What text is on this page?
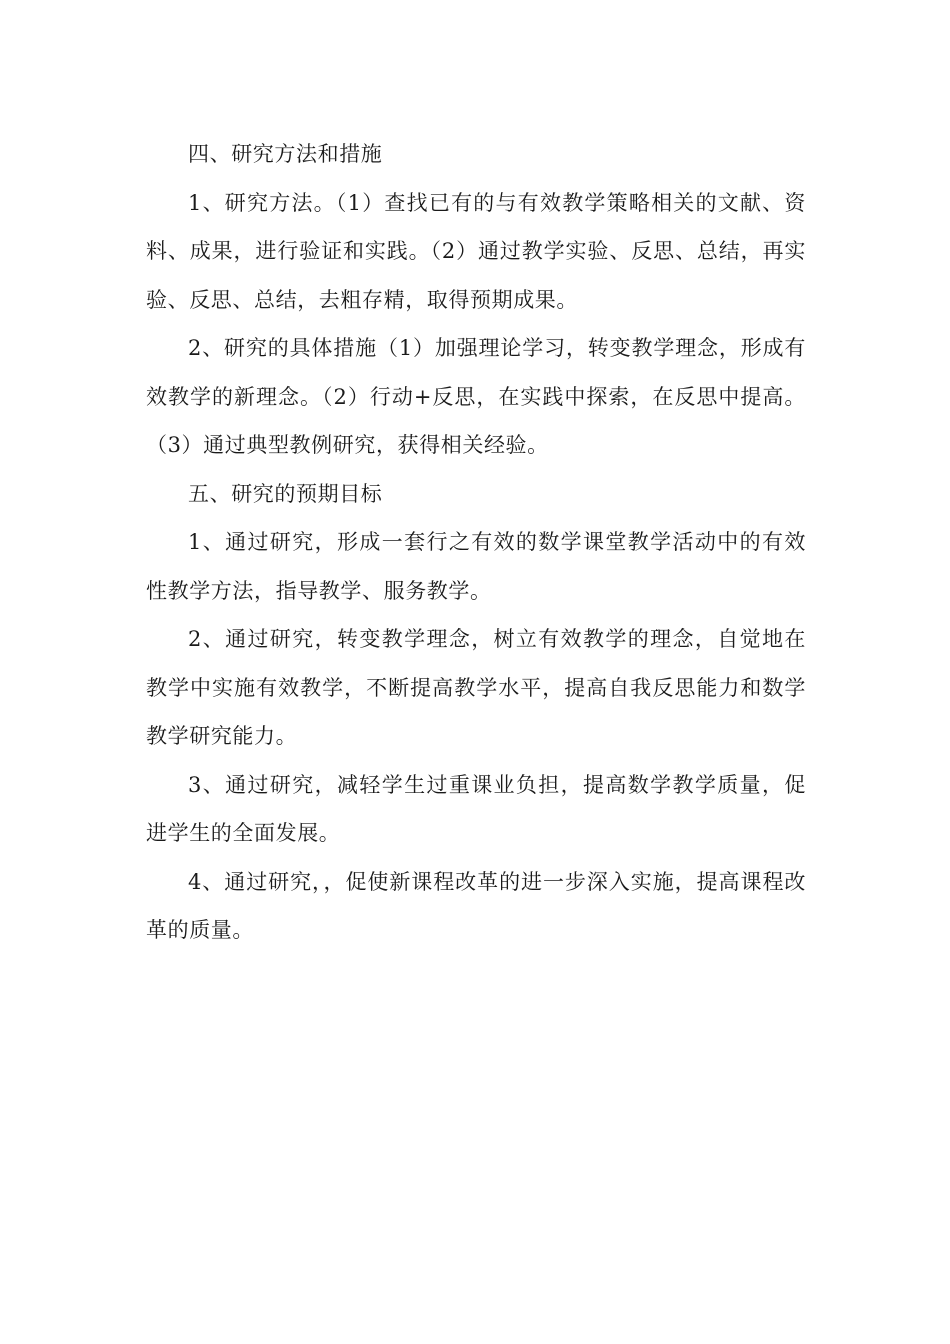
四、研究方法和措施

1、研究方法。（1）查找已有的与有效教学策略相关的文献、资料、成果，进行验证和实践。（2）通过教学实验、反思、总结，再实验、反思、总结，去粗存精，取得预期成果。

2、研究的具体措施（1）加强理论学习，转变教学理念，形成有效教学的新理念。（2）行动+反思，在实践中探索，在反思中提高。（3）通过典型教例研究，获得相关经验。

五、研究的预期目标

1、通过研究，形成一套行之有效的数学课堂教学活动中的有效性教学方法，指导教学、服务教学。

2、通过研究，转变教学理念，树立有效教学的理念，自觉地在教学中实施有效教学，不断提高教学水平，提高自我反思能力和数学教学研究能力。

3、通过研究，减轻学生过重课业负担，提高数学教学质量，促进学生的全面发展。

4、通过研究，，促使新课程改革的进一步深入实施，提高课程改革的质量。
